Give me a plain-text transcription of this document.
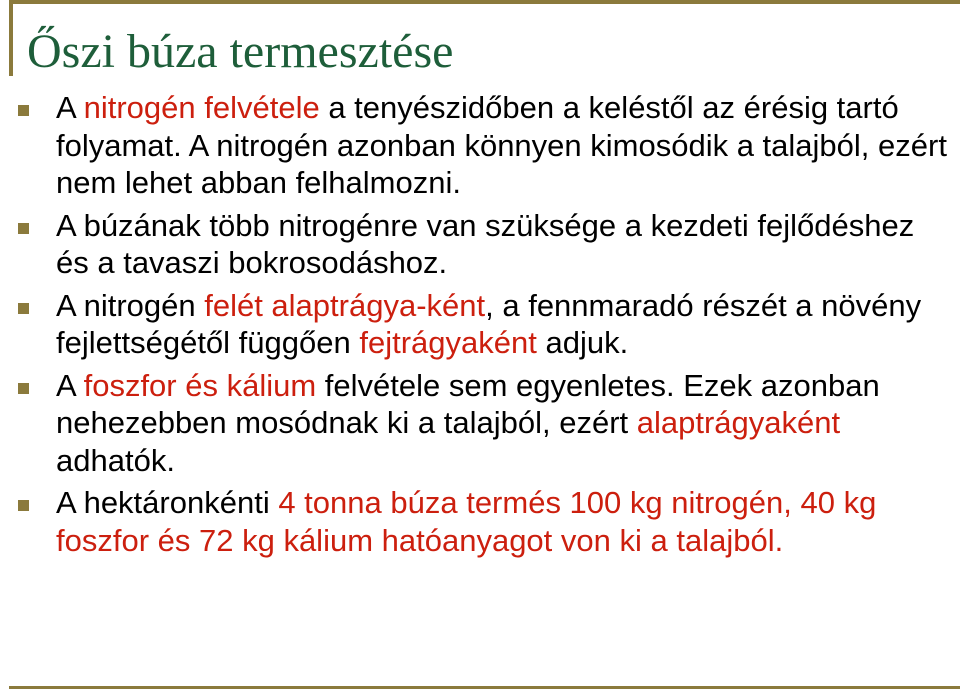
Őszi búza termesztése
A nitrogén felvétele a tenyészidőben a keléstől az érésig tartó folyamat. A nitrogén azonban könnyen kimosódik a talajból, ezért nem lehet abban felhalmozni.
A búzának több nitrogénre van szüksége a kezdeti fejlődéshez és a tavaszi bokrosodáshoz.
A nitrogén felét alaptrágya-ként, a fennmaradó részét a növény fejlettségétől függően fejtrágyaként adjuk.
A foszfor és kálium felvétele sem egyenletes. Ezek azonban nehezebben mosódnak ki a talajból, ezért alaptrágyaként adhatók.
A hektáronkénti 4 tonna búza termés 100 kg nitrogén, 40 kg foszfor és 72 kg kálium hatóanyagot von ki a talajból.
